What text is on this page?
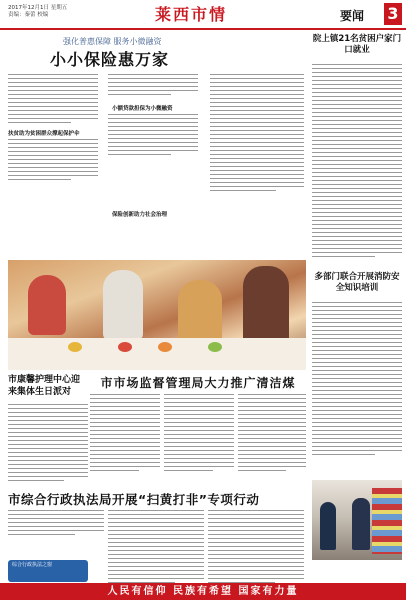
2017年12月1日 星期五
责编：秦蕾 校编	莱西市情	要闻 3
强化普惠保障 服务小微融资
小小保险惠万家
扶贫助为贫困群众撑起保护伞
小额贷款担保为小微融资
保险创新助力社会治理
市康馨护理中心迎来集体生日派对
市市场监督管理局大力推广清洁煤
市综合行政执法局开展“扫黄打非”专项行动
综合行政执法之窗
院上镇21名贫困户家门口就业
多部门联合开展消防安全知识培训
人民有信仰 民族有希望 国家有力量
